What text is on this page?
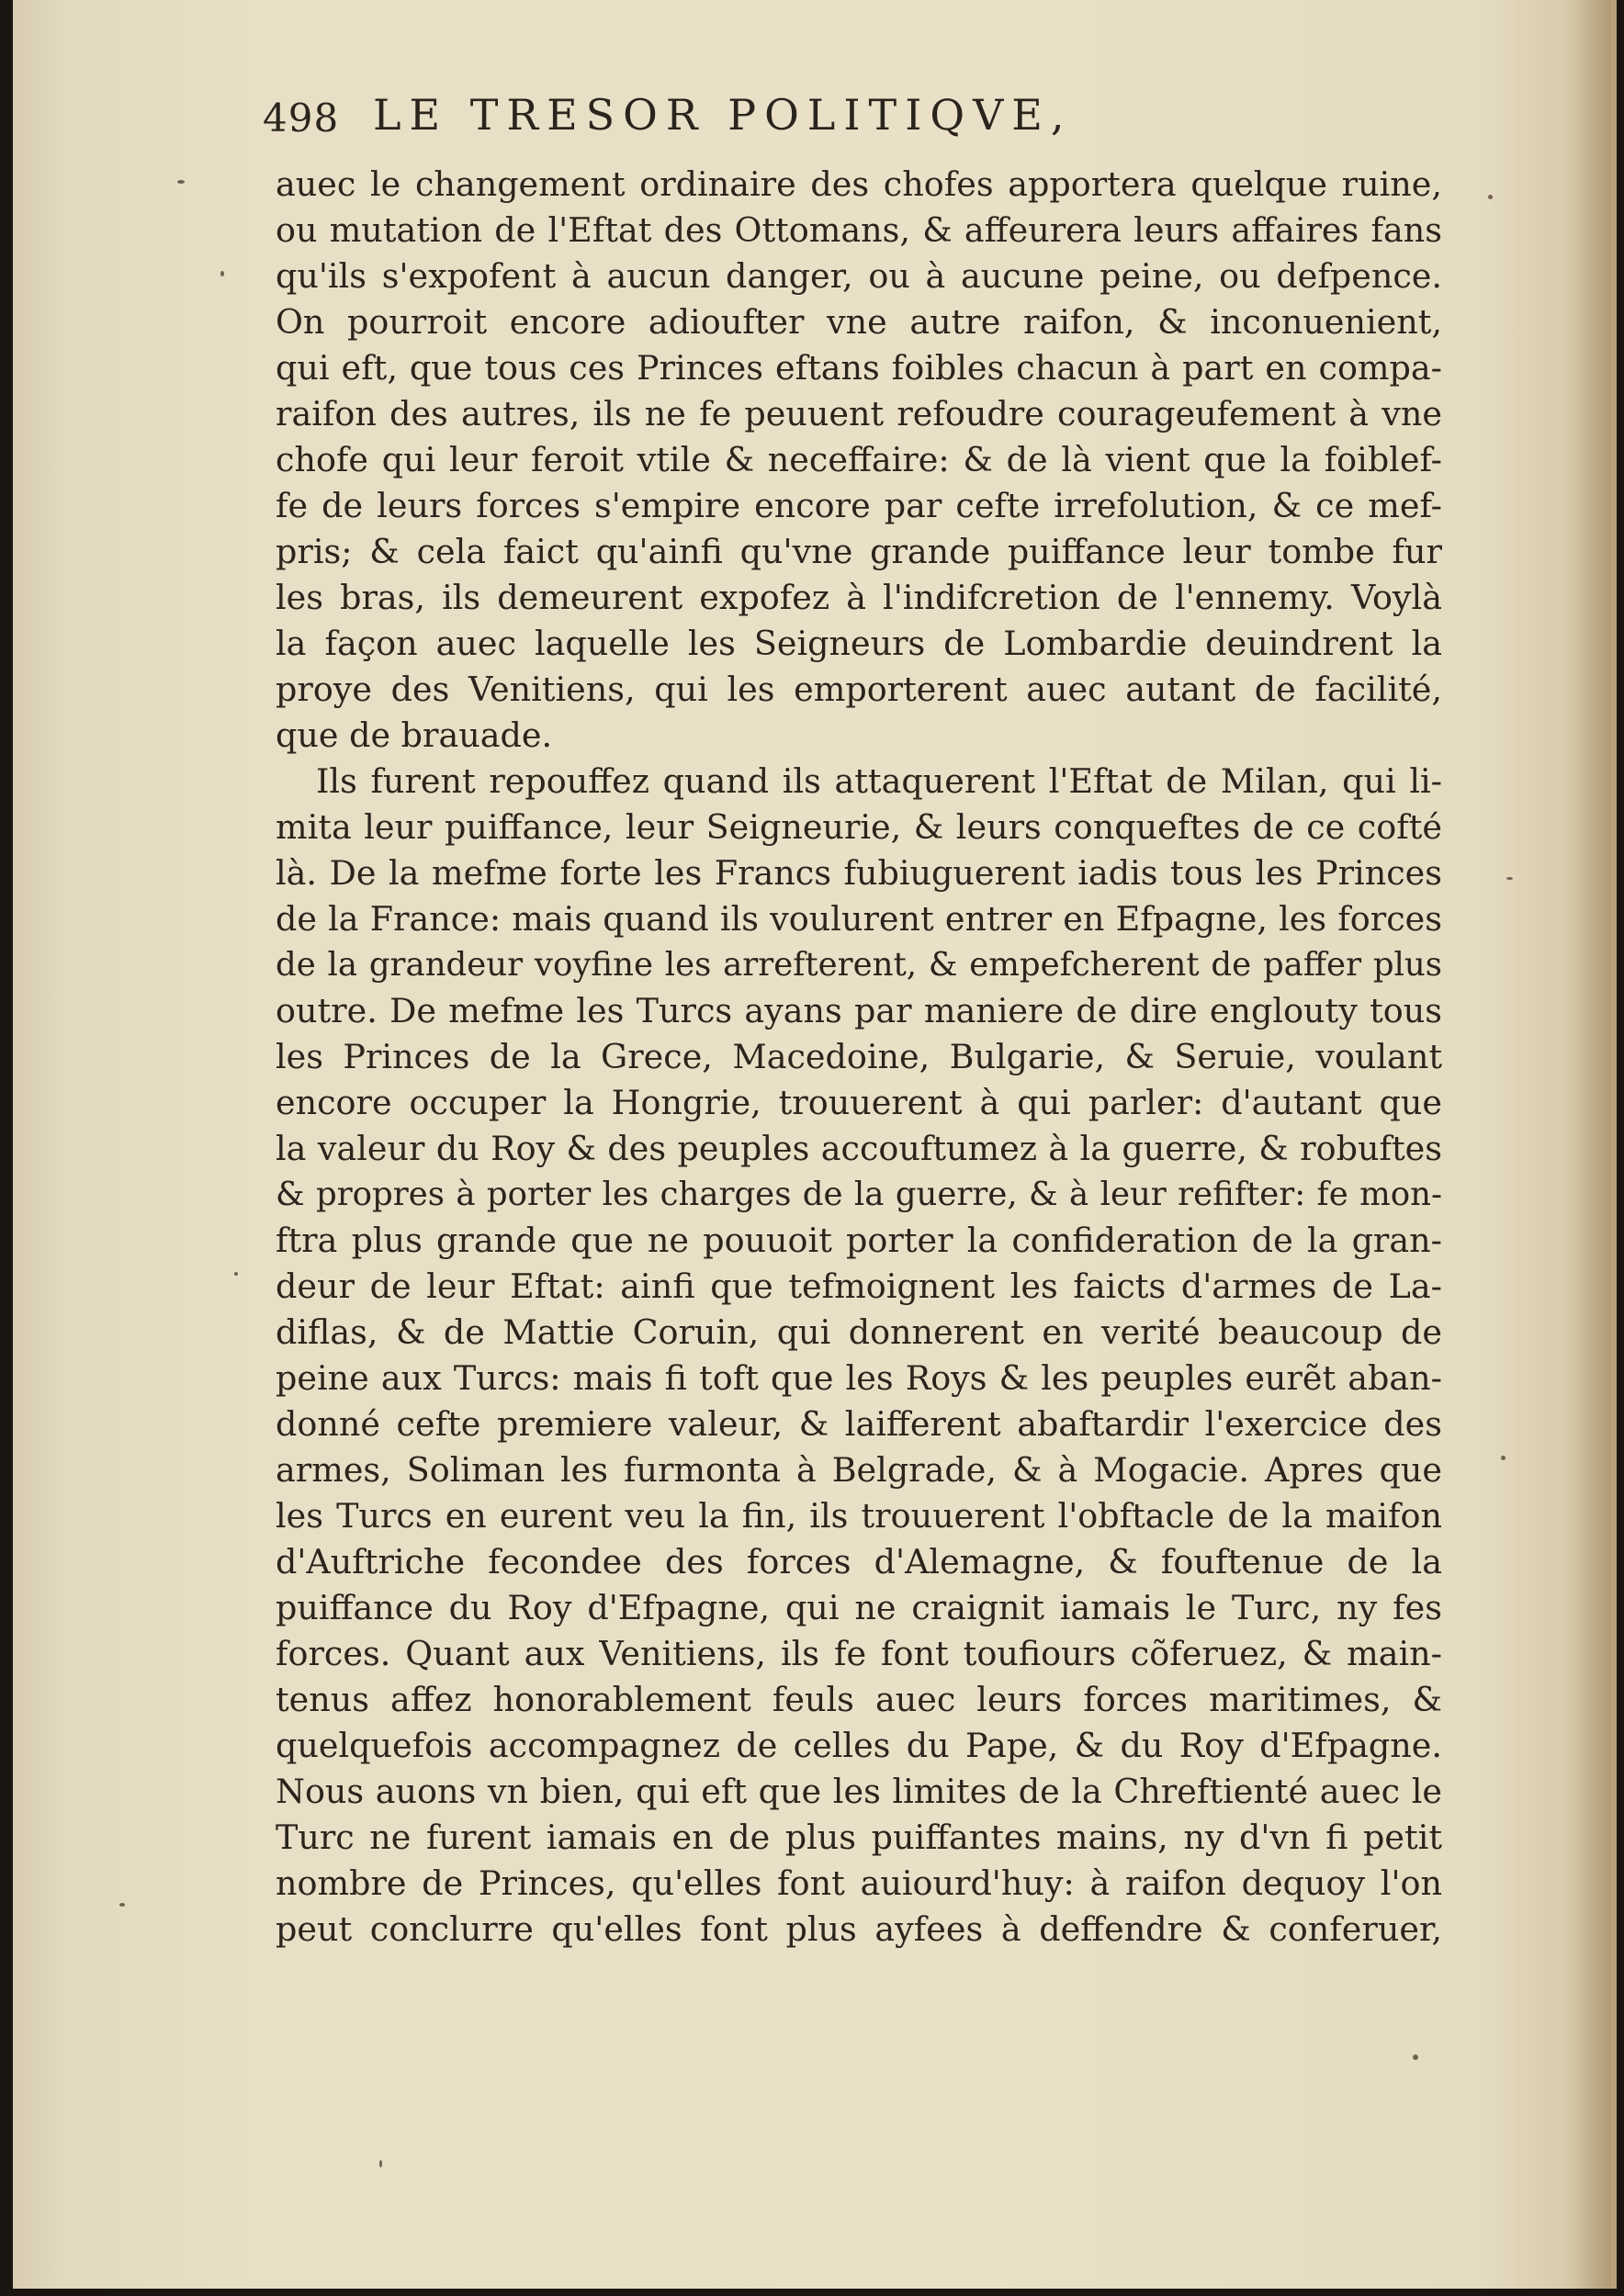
498 LE TRESOR POLITIQVE,
auec le changement ordinaire des chofes apportera quelque ruine,
ou mutation de l'Eftat des Ottomans, & affeurera leurs affaires fans
qu'ils s'expofent à aucun danger, ou à aucune peine, ou defpence.
On pourroit encore adioufter vne autre raifon, & inconuenient,
qui eft, que tous ces Princes eftans foibles chacun à part en compa-
raifon des autres, ils ne fe peuuent refoudre courageufement à vne
chofe qui leur feroit vtile & neceffaire: & de là vient que la foiblef-
fe de leurs forces s'empire encore par cefte irrefolution, & ce mef-
pris; & cela faict qu'ainfi qu'vne grande puiffance leur tombe fur
les bras, ils demeurent expofez à l'indifcretion de l'ennemy. Voylà
la façon auec laquelle les Seigneurs de Lombardie deuindrent la
proye des Venitiens, qui les emporterent auec autant de facilité,
que de brauade.
Ils furent repouffez quand ils attaquerent l'Eftat de Milan, qui li-
mita leur puiffance, leur Seigneurie, & leurs conqueftes de ce cofté
là. De la mefme forte les Francs fubiuguerent iadis tous les Princes
de la France: mais quand ils voulurent entrer en Efpagne, les forces
de la grandeur voyfine les arrefterent, & empefcherent de paffer plus
outre. De mefme les Turcs ayans par maniere de dire englouty tous
les Princes de la Grece, Macedoine, Bulgarie, & Seruie, voulant
encore occuper la Hongrie, trouuerent à qui parler: d'autant que
la valeur du Roy & des peuples accouftumez à la guerre, & robuftes
& propres à porter les charges de la guerre, & à leur refifter: fe mon-
ftra plus grande que ne pouuoit porter la confideration de la gran-
deur de leur Eftat: ainfi que tefmoignent les faicts d'armes de La-
diflas, & de Mattie Coruin, qui donnerent en verité beaucoup de
peine aux Turcs: mais fi toft que les Roys & les peuples eurẽt aban-
donné cefte premiere valeur, & laifferent abaftardir l'exercice des
armes, Soliman les furmonta à Belgrade, & à Mogacie. Apres que
les Turcs en eurent veu la fin, ils trouuerent l'obftacle de la maifon
d'Auftriche fecondee des forces d'Alemagne, & fouftenue de la
puiffance du Roy d'Efpagne, qui ne craignit iamais le Turc, ny fes
forces. Quant aux Venitiens, ils fe font toufiours cõferuez, & main-
tenus affez honorablement feuls auec leurs forces maritimes, &
quelquefois accompagnez de celles du Pape, & du Roy d'Efpagne.
Nous auons vn bien, qui eft que les limites de la Chreftienté auec le
Turc ne furent iamais en de plus puiffantes mains, ny d'vn fi petit
nombre de Princes, qu'elles font auiourd'huy: à raifon dequoy l'on
peut conclurre qu'elles font plus ayfees à deffendre & conferuer,
